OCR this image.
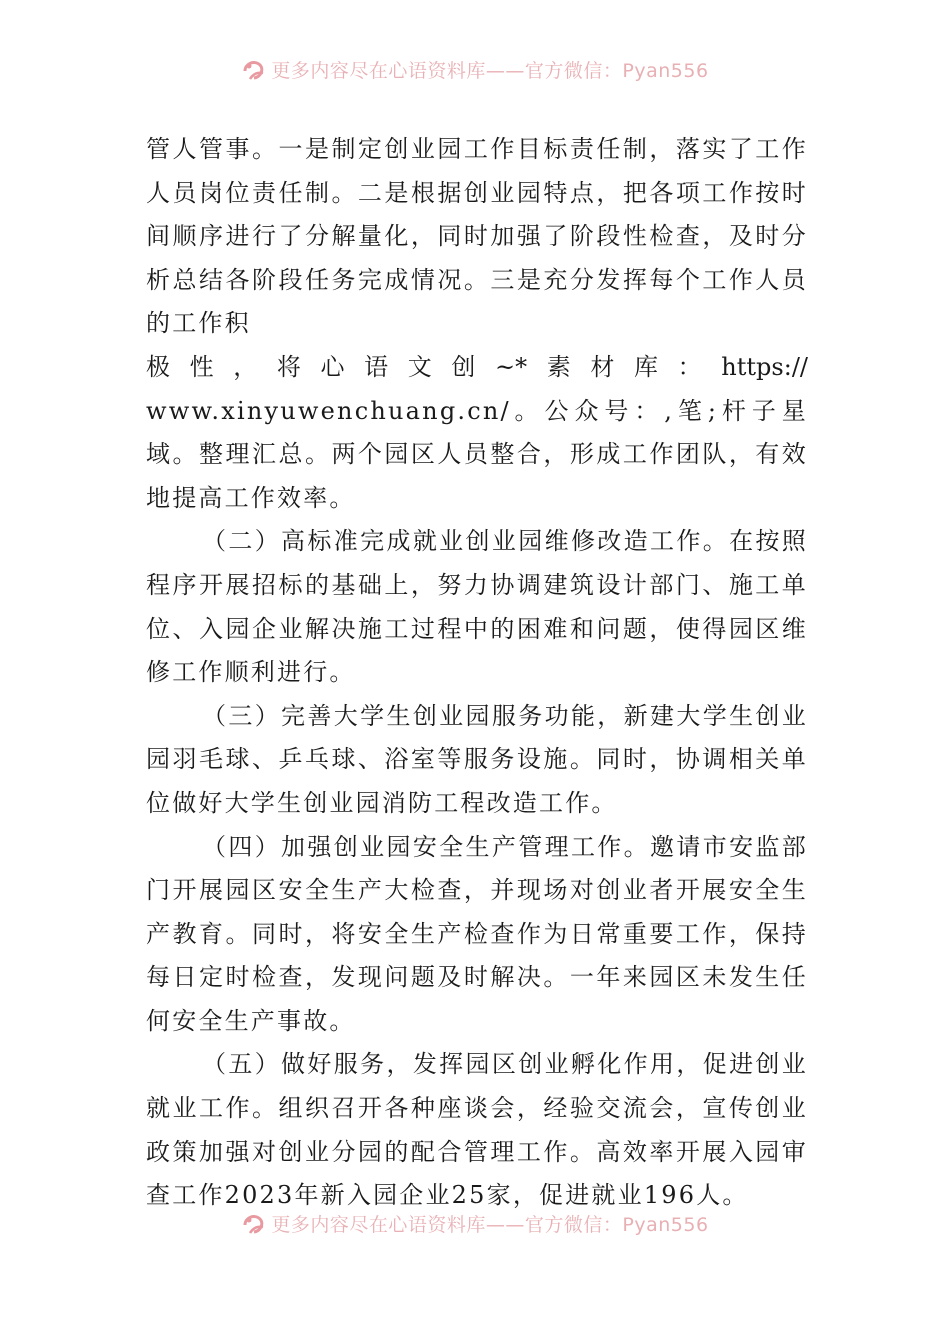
更多内容尽在心语资料库——官方微信：Pyan556

管人管事。一是制定创业园工作目标责任制，落实了工作人员岗位责任制。二是根据创业园特点，把各项工作按时间顺序进行了分解量化，同时加强了阶段性检查，及时分析总结各阶段任务完成情况。三是充分发挥每个工作人员的工作积

极性，将心语文创~*素材库：https://

www.xinyuwenchuang.cn/。公众号：,笔;杆子星域。整理汇总。两个园区人员整合，形成工作团队，有效地提高工作效率。

（二）高标准完成就业创业园维修改造工作。在按照程序开展招标的基础上，努力协调建筑设计部门、施工单位、入园企业解决施工过程中的困难和问题，使得园区维修工作顺利进行。

（三）完善大学生创业园服务功能，新建大学生创业园羽毛球、乒乓球、浴室等服务设施。同时，协调相关单位做好大学生创业园消防工程改造工作。

（四）加强创业园安全生产管理工作。邀请市安监部门开展园区安全生产大检查，并现场对创业者开展安全生产教育。同时，将安全生产检查作为日常重要工作，保持每日定时检查，发现问题及时解决。一年来园区未发生任何安全生产事故。

（五）做好服务，发挥园区创业孵化作用，促进创业就业工作。组织召开各种座谈会，经验交流会，宣传创业政策加强对创业分园的配合管理工作。高效率开展入园审查工作2023年新入园企业25家，促进就业196人。

更多内容尽在心语资料库——官方微信：Pyan556
